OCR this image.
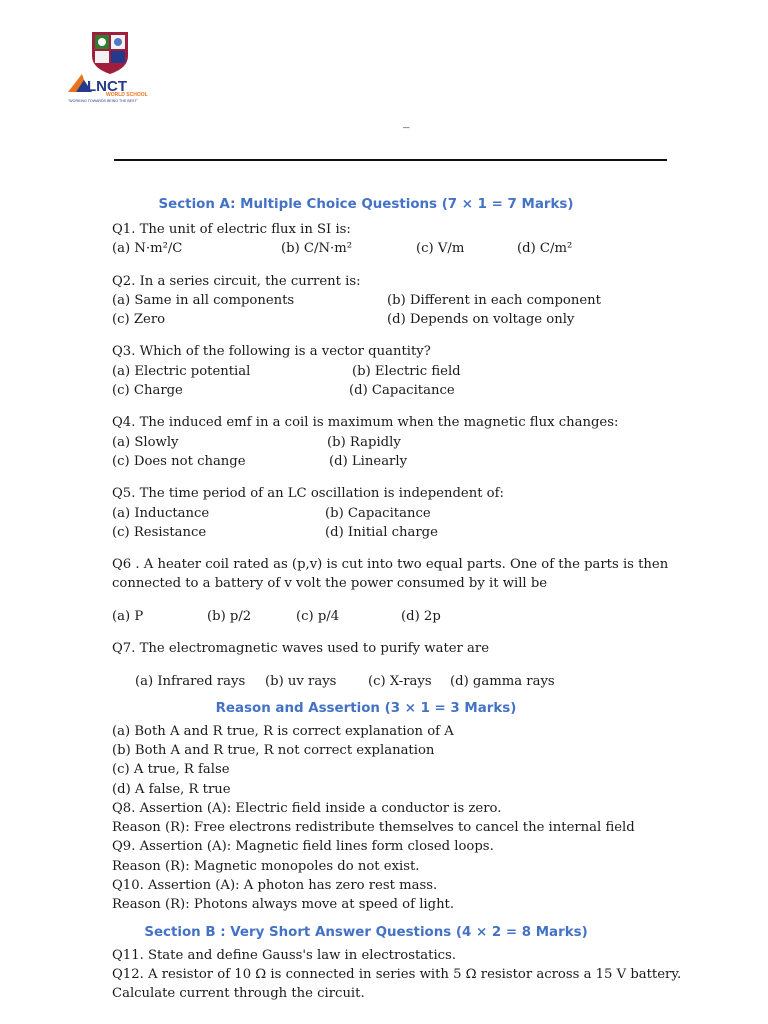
LNCT
WORLD SCHOOL
"WORKING TOWARDS BEING THE BEST"
_
Section A: Multiple Choice Questions (7 × 1 = 7 Marks)
Q1. The unit of electric flux in SI is:
(a) N·m²/C	(b) C/N·m²	(c) V/m	(d) C/m²
Q2. In a series circuit, the current is:
(a) Same in all components	(b) Different in each component
(c) Zero	(d) Depends on voltage only
Q3. Which of the following is a vector quantity?
(a) Electric potential	(b) Electric field
(c) Charge	(d) Capacitance
Q4. The induced emf in a coil is maximum when the magnetic flux changes:
(a) Slowly	(b) Rapidly
(c) Does not change	(d) Linearly
Q5. The time period of an LC oscillation is independent of:
(a) Inductance	(b) Capacitance
(c) Resistance	(d) Initial charge
Q6 . A heater coil rated as (p,v) is cut into two equal parts. One of the parts is then
connected to a battery of v volt the power consumed by it will be
(a) P	(b) p/2	(c) p/4	(d) 2p
Q7. The electromagnetic waves used to purify water are
(a) Infrared rays	(b) uv rays	(c) X-rays	(d) gamma rays
Reason and Assertion (3 × 1 = 3 Marks)
(a) Both A and R true, R is correct explanation of A
(b) Both A and R true, R not correct explanation
(c) A true, R false
(d) A false, R true
Q8. Assertion (A): Electric field inside a conductor is zero.
Reason (R): Free electrons redistribute themselves to cancel the internal field
Q9. Assertion (A): Magnetic field lines form closed loops.
Reason (R): Magnetic monopoles do not exist.
Q10. Assertion (A): A photon has zero rest mass.
Reason (R): Photons always move at speed of light.
Section B : Very Short Answer Questions (4 × 2 = 8 Marks)
Q11. State and define Gauss's law in electrostatics.
Q12. A resistor of 10 Ω is connected in series with 5 Ω resistor across a 15 V battery.
Calculate current through the circuit.
